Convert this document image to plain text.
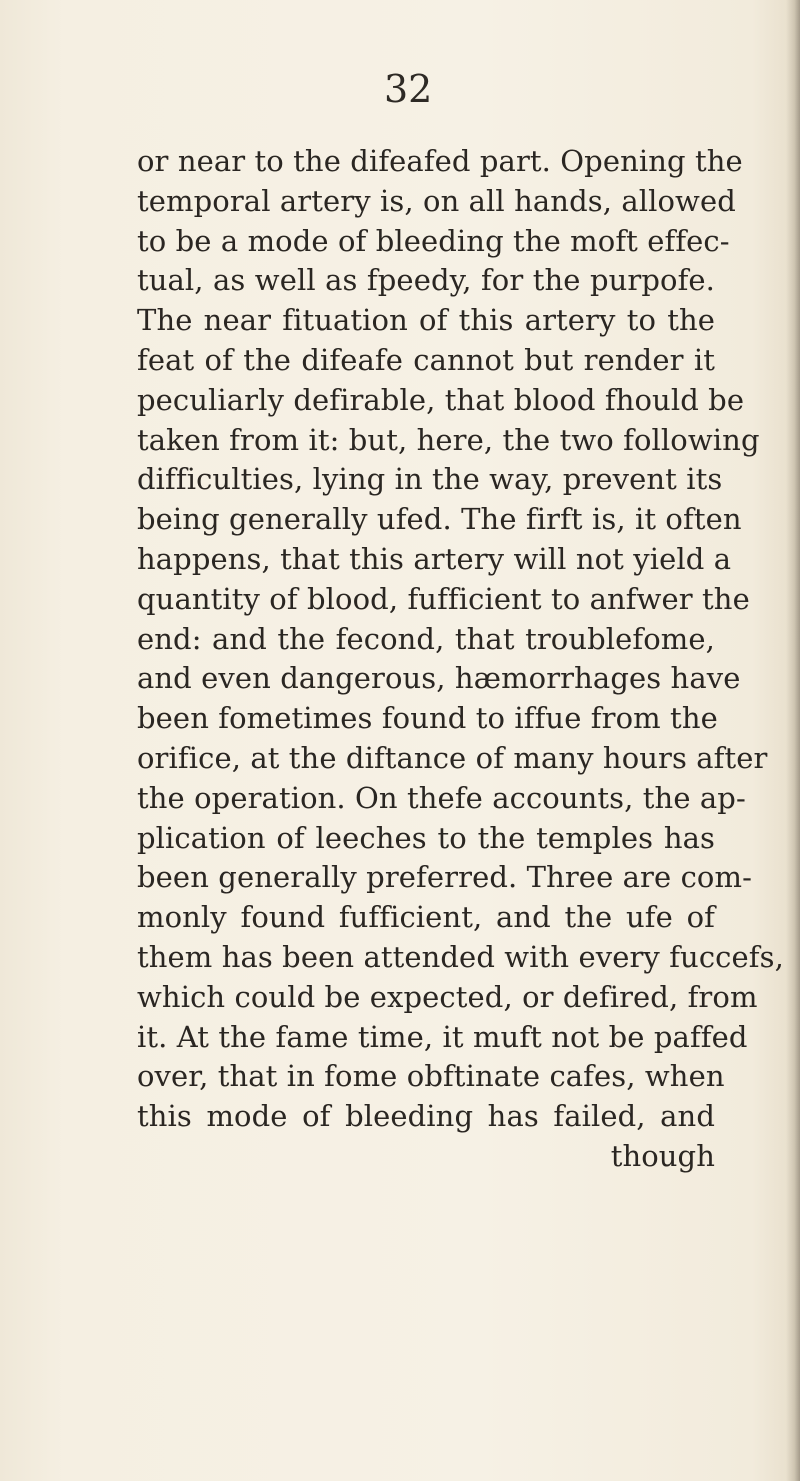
32
or near to the difeafed part. Opening the
temporal artery is, on all hands, allowed
to be a mode of bleeding the moft effec-
tual, as well as fpeedy, for the purpofe.
The near fituation of this artery to the
feat of the difeafe cannot but render it
peculiarly defirable, that blood fhould be
taken from it: but, here, the two following
difficulties, lying in the way, prevent its
being generally ufed. The firft is, it often
happens, that this artery will not yield a
quantity of blood, fufficient to anfwer the
end: and the fecond, that troublefome,
and even dangerous, hæmorrhages have
been fometimes found to iffue from the
orifice, at the diftance of many hours after
the operation. On thefe accounts, the ap-
plication of leeches to the temples has
been generally preferred. Three are com-
monly found fufficient, and the ufe of
them has been attended with every fuccefs,
which could be expected, or defired, from
it. At the fame time, it muft not be paffed
over, that in fome obftinate cafes, when
this mode of bleeding has failed, and
though
